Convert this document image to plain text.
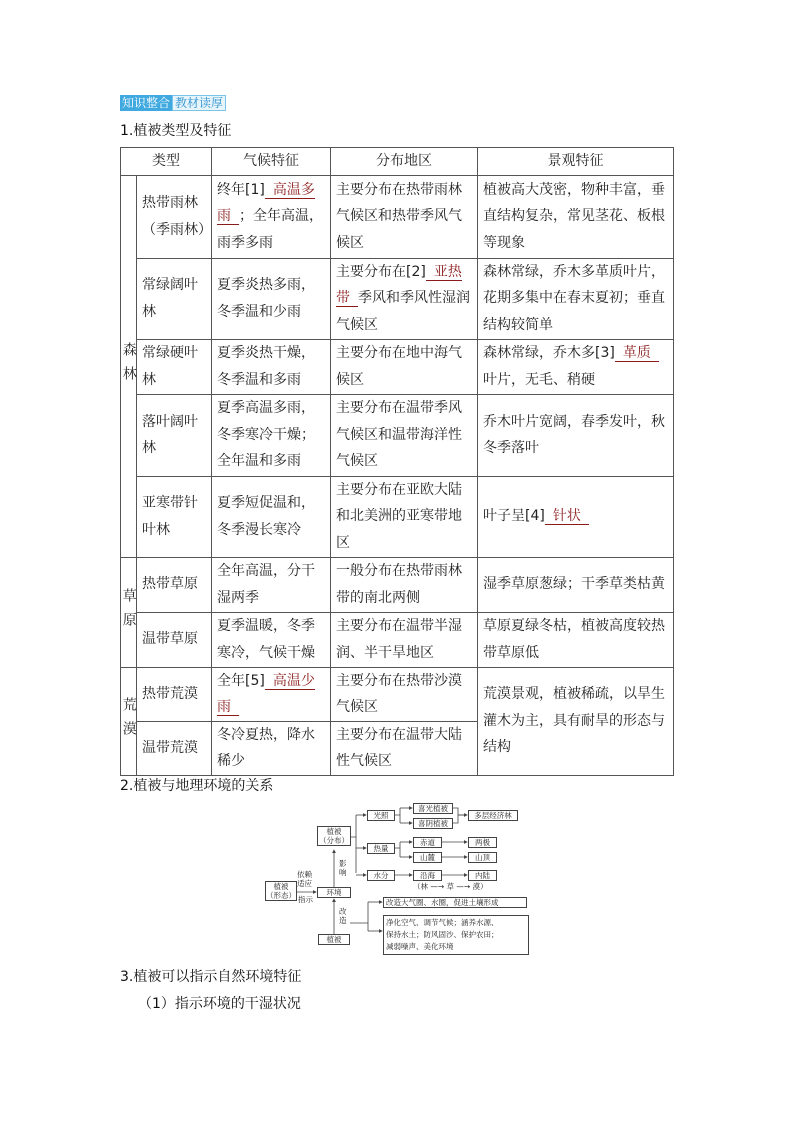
知识整合 教材读厚
1.植被类型及特征
类型		气候特征	分布地区	景观特征
森林	热带雨林（季雨林）	终年[1] 高温多雨 ；全年高温，雨季多雨	主要分布在热带雨林气候区和热带季风气候区	植被高大茂密，物种丰富，垂直结构复杂，常见茎花、板根等现象
	常绿阔叶林	夏季炎热多雨，冬季温和少雨	主要分布在[2] 亚热带 季风和季风性湿润气候区	森林常绿，乔木多革质叶片，花期多集中在春末夏初；垂直结构较简单
	常绿硬叶林	夏季炎热干燥，冬季温和多雨	主要分布在地中海气候区	森林常绿，乔木多[3] 革质叶片，无毛、稍硬
	落叶阔叶林	夏季高温多雨，冬季寒冷干燥；全年温和多雨	主要分布在温带季风气候区和温带海洋性气候区	乔木叶片宽阔，春季发叶，秋冬季落叶
	亚寒带针叶林	夏季短促温和，冬季漫长寒冷	主要分布在亚欧大陆和北美洲的亚寒带地区	叶子呈[4] 针状
草原	热带草原	全年高温，分干湿两季	一般分布在热带雨林带的南北两侧	湿季草原葱绿；干季草类枯黄
	温带草原	夏季温暖，冬季寒冷，气候干燥	主要分布在温带半湿润、半干旱地区	草原夏绿冬枯，植被高度较热带草原低
荒漠	热带荒漠	全年[5] 高温少雨	主要分布在热带沙漠气候区	荒漠景观，植被稀疏，以旱生灌木为主，具有耐旱的形态与结构
	温带荒漠	冬冷夏热，降水稀少	主要分布在温带大陆性气候区	
2.植被与地理环境的关系
植被
（形态）
依赖
适应
指示
环境
植被
（分布）
影
响
改
造
植被
光照
热量
水分
喜光植被
喜阴植被
多层经济林
赤道
山麓
两极
山顶
沿海	内陆
（林 —→ 草 —→ 漠）
改造大气圈、水圈，促进土壤形成
净化空气、调节气候；涵养水源、
保持水土；防风固沙、保护农田；
减弱噪声、美化环境
3.植被可以指示自然环境特征
（1）指示环境的干湿状况
